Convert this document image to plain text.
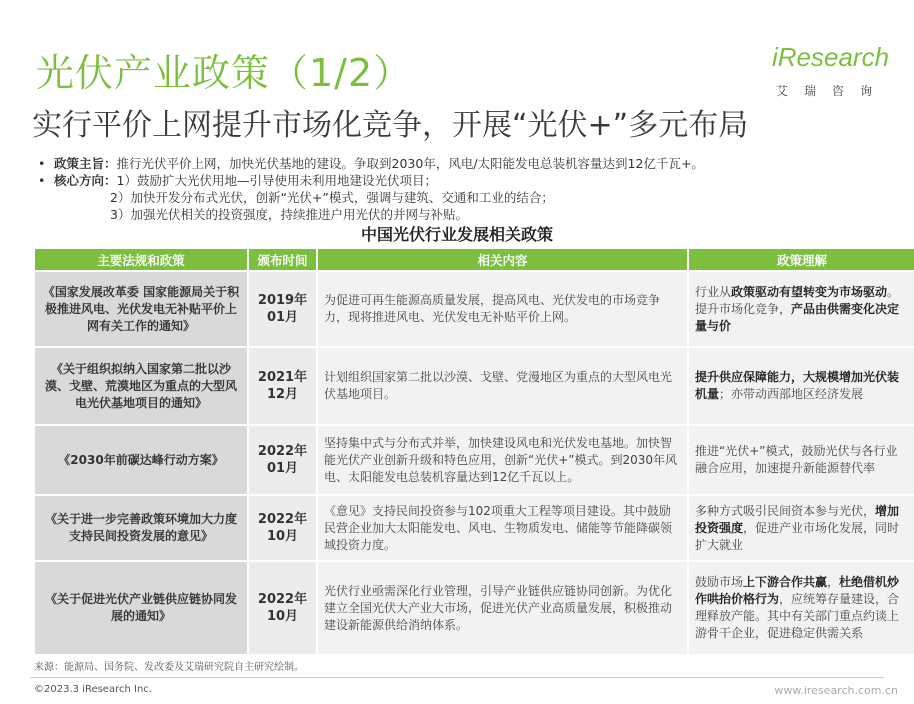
光伏产业政策（1/2）
实行平价上网提升市场化竞争，开展“光伏+”多元布局
iResearch
艾瑞咨询
• 政策主旨：推行光伏平价上网，加快光伏基地的建设。争取到2030年，风电/太阳能发电总装机容量达到12亿千瓦+。
• 核心方向：1）鼓励扩大光伏用地—引导使用未利用地建设光伏项目；
2）加快开发分布式光伏，创新“光伏+”模式，强调与建筑、交通和工业的结合；
3）加强光伏相关的投资强度，持续推进户用光伏的并网与补贴。
中国光伏行业发展相关政策
主要法规和政策	颁布时间	相关内容	政策理解
《国家发展改革委 国家能源局关于积极推进风电、光伏发电无补贴平价上网有关工作的通知》	2019年01月	为促进可再生能源高质量发展，提高风电、光伏发电的市场竞争力，现将推进风电、光伏发电无补贴平价上网。	行业从政策驱动有望转变为市场驱动。提升市场化竞争，产品由供需变化决定量与价
《关于组织拟纳入国家第二批以沙漠、戈壁、荒漠地区为重点的大型风电光伏基地项目的通知》	2021年12月	计划组织国家第二批以沙漠、戈壁、党漫地区为重点的大型风电光伏基地项目。	提升供应保障能力，大规模增加光伏装机量；亦带动西部地区经济发展
《2030年前碳达峰行动方案》	2022年01月	坚持集中式与分布式并举，加快建设风电和光伏发电基地。加快智能光伏产业创新升级和特色应用，创新“光伏+”模式。到2030年风电、太阳能发电总装机容量达到12亿千瓦以上。	推进“光伏+”模式，鼓励光伏与各行业融合应用，加速提升新能源替代率
《关于进一步完善政策环境加大力度支持民间投资发展的意见》	2022年10月	《意见》支持民间投资参与102项重大工程等项目建设。其中鼓励民营企业加大太阳能发电、风电、生物质发电、储能等节能降碳领域投资力度。	多种方式吸引民间资本参与光伏，增加投资强度，促进产业市场化发展，同时扩大就业
《关于促进光伏产业链供应链协同发展的通知》	2022年10月	光伏行业亟需深化行业管理，引导产业链供应链协同创新。为优化建立全国光伏大产业大市场，促进光伏产业高质量发展，积极推动建设新能源供给消纳体系。	鼓励市场上下游合作共赢，杜绝借机炒作哄抬价格行为，应统筹存量建设，合理释放产能。其中有关部门重点约谈上游骨干企业，促进稳定供需关系
来源：能源局、国务院、发改委及艾瑞研究院自主研究绘制。
©2023.3 iResearch Inc.	www.iresearch.com.cn
